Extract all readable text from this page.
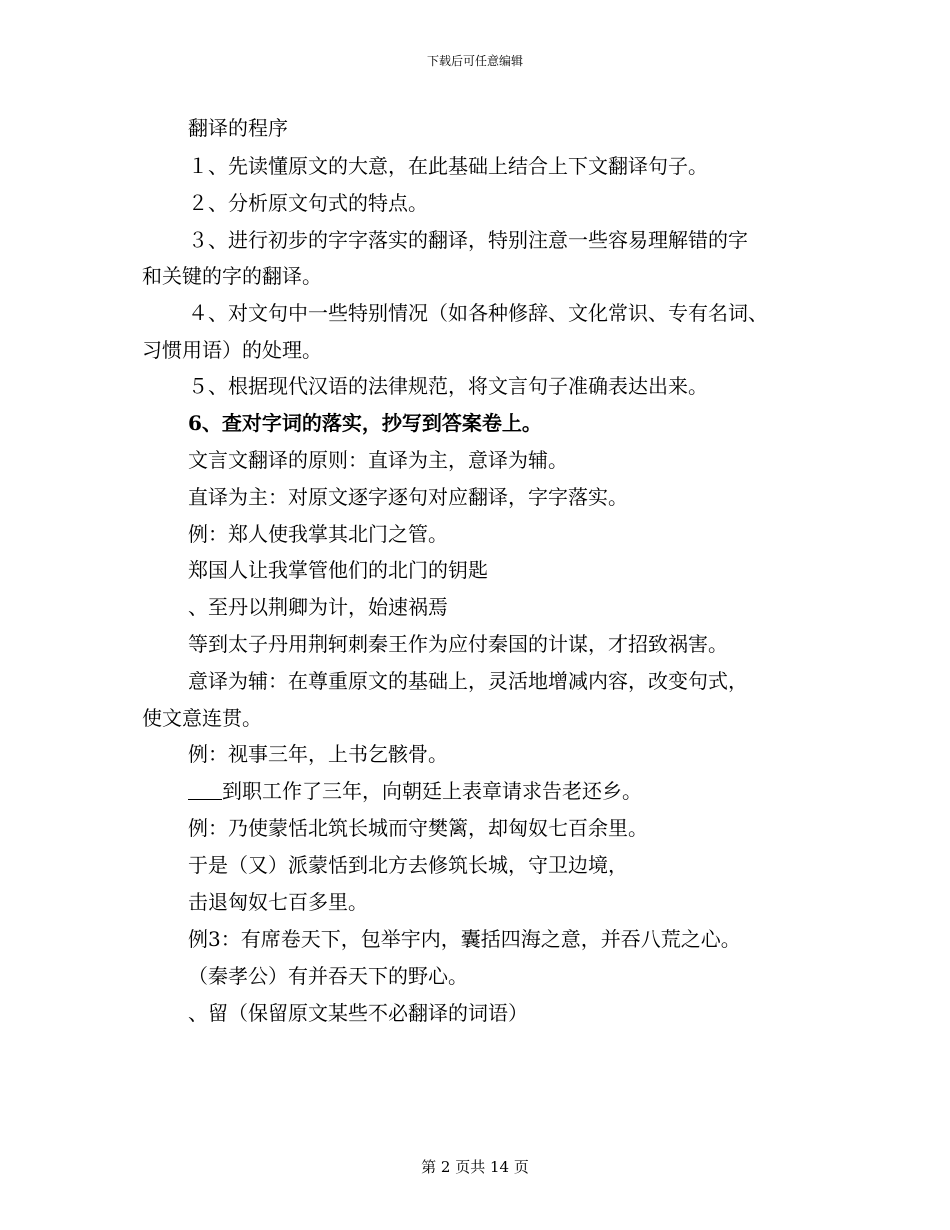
下载后可任意编辑
翻译的程序
１、先读懂原文的大意，在此基础上结合上下文翻译句子。
２、分析原文句式的特点。
３、进行初步的字字落实的翻译，特别注意一些容易理解错的字
和关键的字的翻译。
４、对文句中一些特别情况（如各种修辞、文化常识、专有名词、
习惯用语）的处理。
５、根据现代汉语的法律规范，将文言句子准确表达出来。
6、查对字词的落实，抄写到答案卷上。
文言文翻译的原则：直译为主，意译为辅。
直译为主：对原文逐字逐句对应翻译，字字落实。
例：郑人使我掌其北门之管。
郑国人让我掌管他们的北门的钥匙
、至丹以荆卿为计，始速祸焉
等到太子丹用荆轲刺秦王作为应付秦国的计谋，才招致祸害。
意译为辅：在尊重原文的基础上，灵活地增减内容，改变句式，
使文意连贯。
例：视事三年，上书乞骸骨。
到职工作了三年，向朝廷上表章请求告老还乡。
例：乃使蒙恬北筑长城而守樊篱，却匈奴七百余里。
于是（又）派蒙恬到北方去修筑长城，守卫边境，
击退匈奴七百多里。
例3：有席卷天下，包举宇内，囊括四海之意，并吞八荒之心。
（秦孝公）有并吞天下的野心。
、留（保留原文某些不必翻译的词语）
第 2 页共 14 页
